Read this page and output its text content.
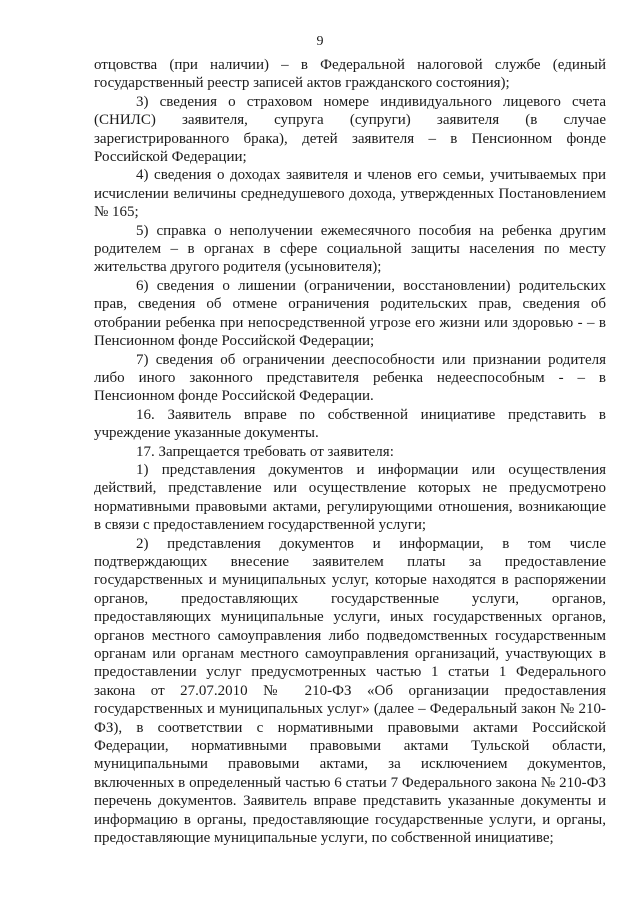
9

отцовства (при наличии) – в Федеральной налоговой службе (единый государственный реестр записей актов гражданского состояния);

3) сведения о страховом номере индивидуального лицевого счета (СНИЛС) заявителя, супруга (супруги) заявителя (в случае зарегистрированного брака), детей заявителя – в Пенсионном фонде Российской Федерации;

4) сведения о доходах заявителя и членов его семьи, учитываемых при исчислении величины среднедушевого дохода, утвержденных Постановлением № 165;

5) справка о неполучении ежемесячного пособия на ребенка другим родителем – в органах в сфере социальной защиты населения по месту жительства другого родителя (усыновителя);

6) сведения о лишении (ограничении, восстановлении) родительских прав, сведения об отмене ограничения родительских прав, сведения об отобрании ребенка при непосредственной угрозе его жизни или здоровью - – в Пенсионном фонде Российской Федерации;

7) сведения об ограничении дееспособности или признании родителя либо иного законного представителя ребенка недееспособным - – в Пенсионном фонде Российской Федерации.

16. Заявитель вправе по собственной инициативе представить в учреждение указанные документы.

17. Запрещается требовать от заявителя:

1) представления документов и информации или осуществления действий, представление или осуществление которых не предусмотрено нормативными правовыми актами, регулирующими отношения, возникающие в связи с предоставлением государственной услуги;

2) представления документов и информации, в том числе подтверждающих внесение заявителем платы за предоставление государственных и муниципальных услуг, которые находятся в распоряжении органов, предоставляющих государственные услуги, органов, предоставляющих муниципальные услуги, иных государственных органов, органов местного самоуправления либо подведомственных государственным органам или органам местного самоуправления организаций, участвующих в предоставлении услуг предусмотренных частью 1 статьи 1 Федерального закона от 27.07.2010 № 210-ФЗ «Об организации предоставления государственных и муниципальных услуг» (далее – Федеральный закон № 210-ФЗ), в соответствии с нормативными правовыми актами Российской Федерации, нормативными правовыми актами Тульской области, муниципальными правовыми актами, за исключением документов, включенных в определенный частью 6 статьи 7 Федерального закона № 210-ФЗ перечень документов. Заявитель вправе представить указанные документы и информацию в органы, предоставляющие государственные услуги, и органы, предоставляющие муниципальные услуги, по собственной инициативе;
